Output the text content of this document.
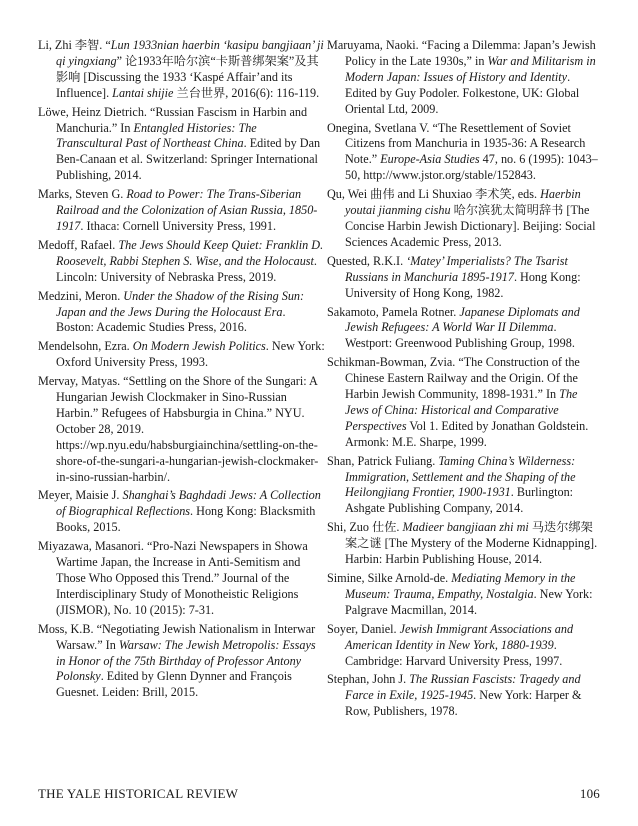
Li, Zhi 李智. “Lun 1933nian haerbin ‘kasipu bangjiaan’ ji qi yingxiang” 论1933年哈尔滨“卡斯普绑架案”及其影响 [Discussing the 1933 ‘Kaspé Affair’and its Influence]. Lantai shijie 兰台世界, 2016(6): 116-119.

Löwe, Heinz Dietrich. “Russian Fascism in Harbin and Manchuria.” In Entangled Histories: The Transcultural Past of Northeast China. Edited by Dan Ben-Canaan et al. Switzerland: Springer International Publishing, 2014.

Marks, Steven G. Road to Power: The Trans-Siberian Railroad and the Colonization of Asian Russia, 1850-1917. Ithaca: Cornell University Press, 1991.

Medoff, Rafael. The Jews Should Keep Quiet: Franklin D. Roosevelt, Rabbi Stephen S. Wise, and the Holocaust. Lincoln: University of Nebraska Press, 2019.

Medzini, Meron. Under the Shadow of the Rising Sun: Japan and the Jews During the Holocaust Era. Boston: Academic Studies Press, 2016.

Mendelsohn, Ezra. On Modern Jewish Politics. New York: Oxford University Press, 1993.

Mervay, Matyas. “Settling on the Shore of the Sungari: A Hungarian Jewish Clockmaker in Sino-Russian Harbin.” Refugees of Habsburgia in China.” NYU. October 28, 2019. https://wp.nyu.edu/habsburgiainchina/settling-on-the-shore-of-the-sungari-a-hungarian-jewish-clockmaker-in-sino-russian-harbin/.

Meyer, Maisie J. Shanghai’s Baghdadi Jews: A Collection of Biographical Reflections. Hong Kong: Blacksmith Books, 2015.

Miyazawa, Masanori. “Pro-Nazi Newspapers in Showa Wartime Japan, the Increase in Anti-Semitism and Those Who Opposed this Trend.” Journal of the Interdisciplinary Study of Monotheistic Religions (JISMOR), No. 10 (2015): 7-31.

Moss, K.B. “Negotiating Jewish Nationalism in Interwar Warsaw.” In Warsaw: The Jewish Metropolis: Essays in Honor of the 75th Birthday of Professor Antony Polonsky. Edited by Glenn Dynner and François Guesnet. Leiden: Brill, 2015.

Maruyama, Naoki. “Facing a Dilemma: Japan’s Jewish Policy in the Late 1930s,” in War and Militarism in Modern Japan: Issues of History and Identity. Edited by Guy Podoler. Folkestone, UK: Global Oriental Ltd, 2009.

Onegina, Svetlana V. “The Resettlement of Soviet Citizens from Manchuria in 1935-36: A Research Note.” Europe-Asia Studies 47, no. 6 (1995): 1043–50, http://www.jstor.org/stable/152843.

Qu, Wei 曲伟 and Li Shuxiao 李术笑, eds. Haerbin youtai jianming cishu 哈尔滨犹太简明辞书 [The Concise Harbin Jewish Dictionary]. Beijing: Social Sciences Academic Press, 2013.

Quested, R.K.I. ‘Matey’ Imperialists? The Tsarist Russians in Manchuria 1895-1917. Hong Kong: University of Hong Kong, 1982.

Sakamoto, Pamela Rotner. Japanese Diplomats and Jewish Refugees: A World War II Dilemma. Westport: Greenwood Publishing Group, 1998.

Schikman-Bowman, Zvia. “The Construction of the Chinese Eastern Railway and the Origin. Of the Harbin Jewish Community, 1898-1931.” In The Jews of China: Historical and Comparative Perspectives Vol 1. Edited by Jonathan Goldstein. Armonk: M.E. Sharpe, 1999.

Shan, Patrick Fuliang. Taming China’s Wilderness: Immigration, Settlement and the Shaping of the Heilongjiang Frontier, 1900-1931. Burlington: Ashgate Publishing Company, 2014.

Shi, Zuo 仕佐. Madieer bangjiaan zhi mi 马迭尔绑架案之谜 [The Mystery of the Moderne Kidnapping]. Harbin: Harbin Publishing House, 2014.

Simine, Silke Arnold-de. Mediating Memory in the Museum: Trauma, Empathy, Nostalgia. New York: Palgrave Macmillan, 2014.

Soyer, Daniel. Jewish Immigrant Associations and American Identity in New York, 1880-1939. Cambridge: Harvard University Press, 1997.

Stephan, John J. The Russian Fascists: Tragedy and Farce in Exile, 1925-1945. New York: Harper & Row, Publishers, 1978.

THE YALE HISTORICAL REVIEW	106
